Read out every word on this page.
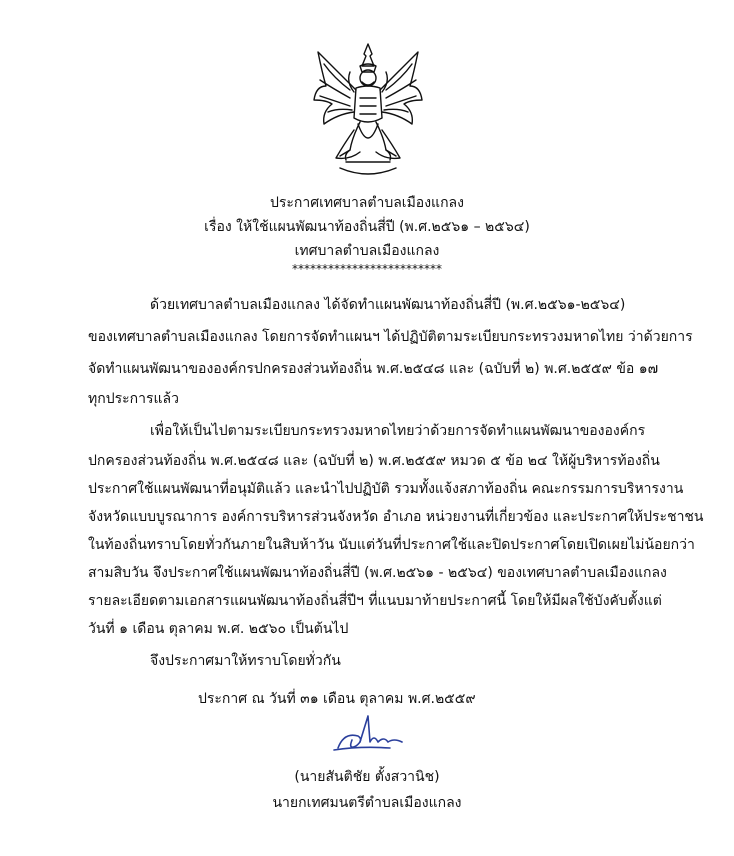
ประกาศเทศบาลตำบลเมืองแกลง
เรื่อง ให้ใช้แผนพัฒนาท้องถิ่นสี่ปี (พ.ศ.๒๕๖๑ – ๒๕๖๔)
เทศบาลตำบลเมืองแกลง
*************************
ด้วยเทศบาลตำบลเมืองแกลง ได้จัดทำแผนพัฒนาท้องถิ่นสี่ปี (พ.ศ.๒๕๖๑-๒๕๖๔)
ของเทศบาลตำบลเมืองแกลง โดยการจัดทำแผนฯ ได้ปฏิบัติตามระเบียบกระทรวงมหาดไทย ว่าด้วยการ
จัดทำแผนพัฒนาขององค์กรปกครองส่วนท้องถิ่น พ.ศ.๒๕๔๘ และ (ฉบับที่ ๒) พ.ศ.๒๕๕๙ ข้อ ๑๗
ทุกประการแล้ว
เพื่อให้เป็นไปตามระเบียบกระทรวงมหาดไทยว่าด้วยการจัดทำแผนพัฒนาขององค์กร
ปกครองส่วนท้องถิ่น พ.ศ.๒๕๔๘ และ (ฉบับที่ ๒) พ.ศ.๒๕๕๙ หมวด ๕ ข้อ ๒๔ ให้ผู้บริหารท้องถิ่น
ประกาศใช้แผนพัฒนาที่อนุมัติแล้ว และนำไปปฏิบัติ รวมทั้งแจ้งสภาท้องถิ่น คณะกรรมการบริหารงาน
จังหวัดแบบบูรณาการ องค์การบริหารส่วนจังหวัด อำเภอ หน่วยงานที่เกี่ยวข้อง และประกาศให้ประชาชน
ในท้องถิ่นทราบโดยทั่วกันภายในสิบห้าวัน นับแต่วันที่ประกาศใช้และปิดประกาศโดยเปิดเผยไม่น้อยกว่า
สามสิบวัน จึงประกาศใช้แผนพัฒนาท้องถิ่นสี่ปี (พ.ศ.๒๕๖๑ - ๒๕๖๔) ของเทศบาลตำบลเมืองแกลง
รายละเอียดตามเอกสารแผนพัฒนาท้องถิ่นสี่ปีฯ ที่แนบมาท้ายประกาศนี้ โดยให้มีผลใช้บังคับตั้งแต่
วันที่ ๑ เดือน ตุลาคม พ.ศ. ๒๕๖๐ เป็นต้นไป
จึงประกาศมาให้ทราบโดยทั่วกัน
ประกาศ ณ วันที่ ๓๑ เดือน ตุลาคม พ.ศ.๒๕๕๙
(นายสันติชัย ตั้งสวานิช)
นายกเทศมนตรีตำบลเมืองแกลง
